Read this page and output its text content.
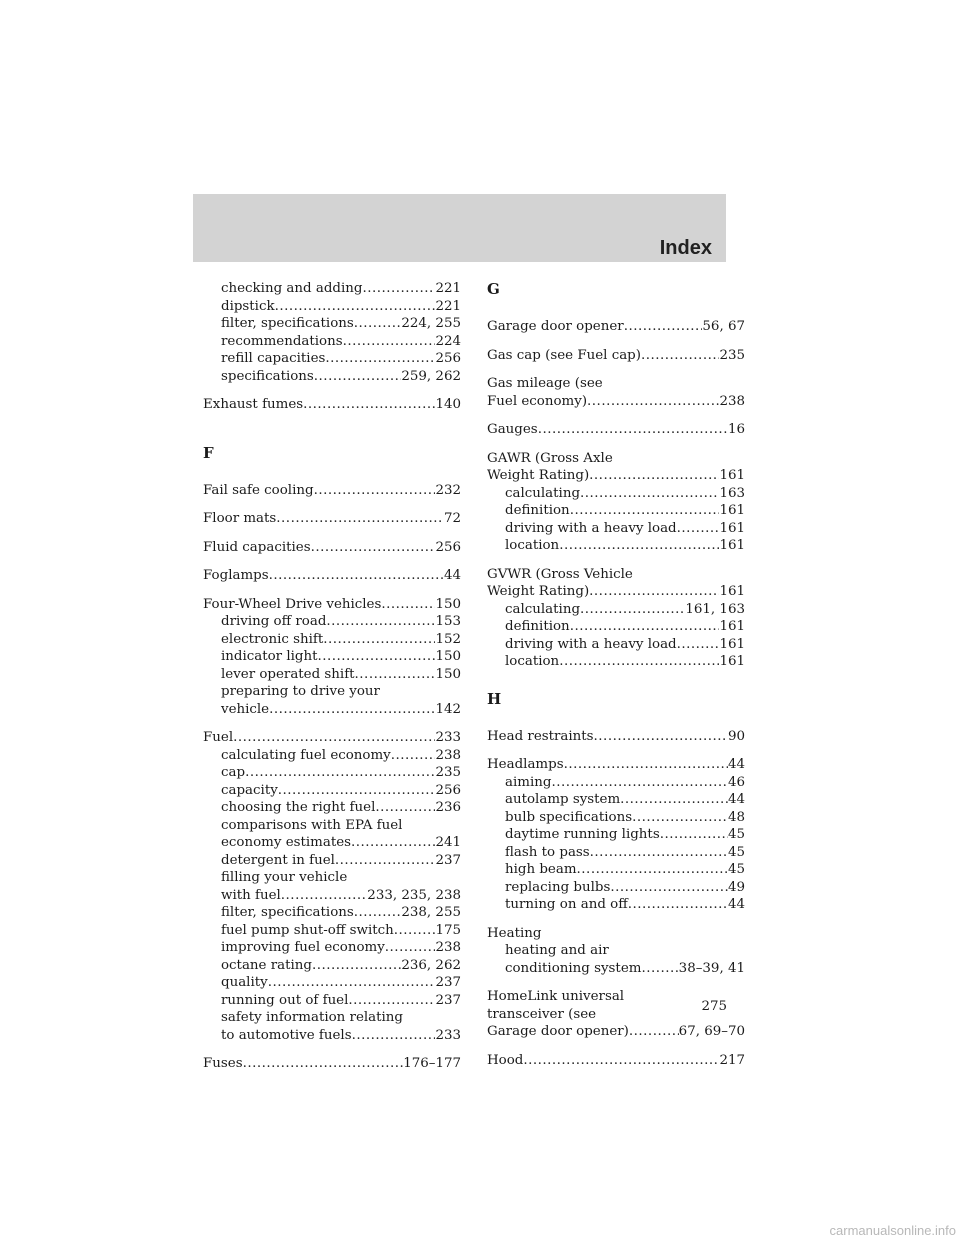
Index
checking and adding .....	221
dipstick .....	221
filter, specifications .....	224, 255
recommendations .....	224
refill capacities .....	256
specifications .....	259, 262
Exhaust fumes .....	140
F
Fail safe cooling .....	232
Floor mats .....	72
Fluid capacities .....	256
Foglamps .....	44
Four-Wheel Drive vehicles .....	150
driving off road .....	153
electronic shift .....	152
indicator light .....	150
lever operated shift .....	150
preparing to drive your
vehicle .....	142
Fuel .....	233
calculating fuel economy .....	238
cap .....	235
capacity .....	256
choosing the right fuel .....	236
comparisons with EPA fuel
economy estimates .....	241
detergent in fuel .....	237
filling your vehicle
with fuel .....	233, 235, 238
filter, specifications .....	238, 255
fuel pump shut-off switch .....	175
improving fuel economy .....	238
octane rating .....	236, 262
quality .....	237
running out of fuel .....	237
safety information relating
to automotive fuels .....	233
Fuses .....	176–177
G
Garage door opener .....	56, 67
Gas cap (see Fuel cap) .....	235
Gas mileage (see
Fuel economy) .....	238
Gauges .....	16
GAWR (Gross Axle
Weight Rating) .....	161
calculating .....	163
definition .....	161
driving with a heavy load .....	161
location .....	161
GVWR (Gross Vehicle
Weight Rating) .....	161
calculating .....	161, 163
definition .....	161
driving with a heavy load .....	161
location .....	161
H
Head restraints .....	90
Headlamps .....	44
aiming .....	46
autolamp system .....	44
bulb specifications .....	48
daytime running lights .....	45
flash to pass .....	45
high beam .....	45
replacing bulbs .....	49
turning on and off .....	44
Heating
heating and air
conditioning system .....	38–39, 41
HomeLink universal
transceiver (see
Garage door opener) .....	67, 69–70
Hood .....	217
275
carmanualsonline.info
